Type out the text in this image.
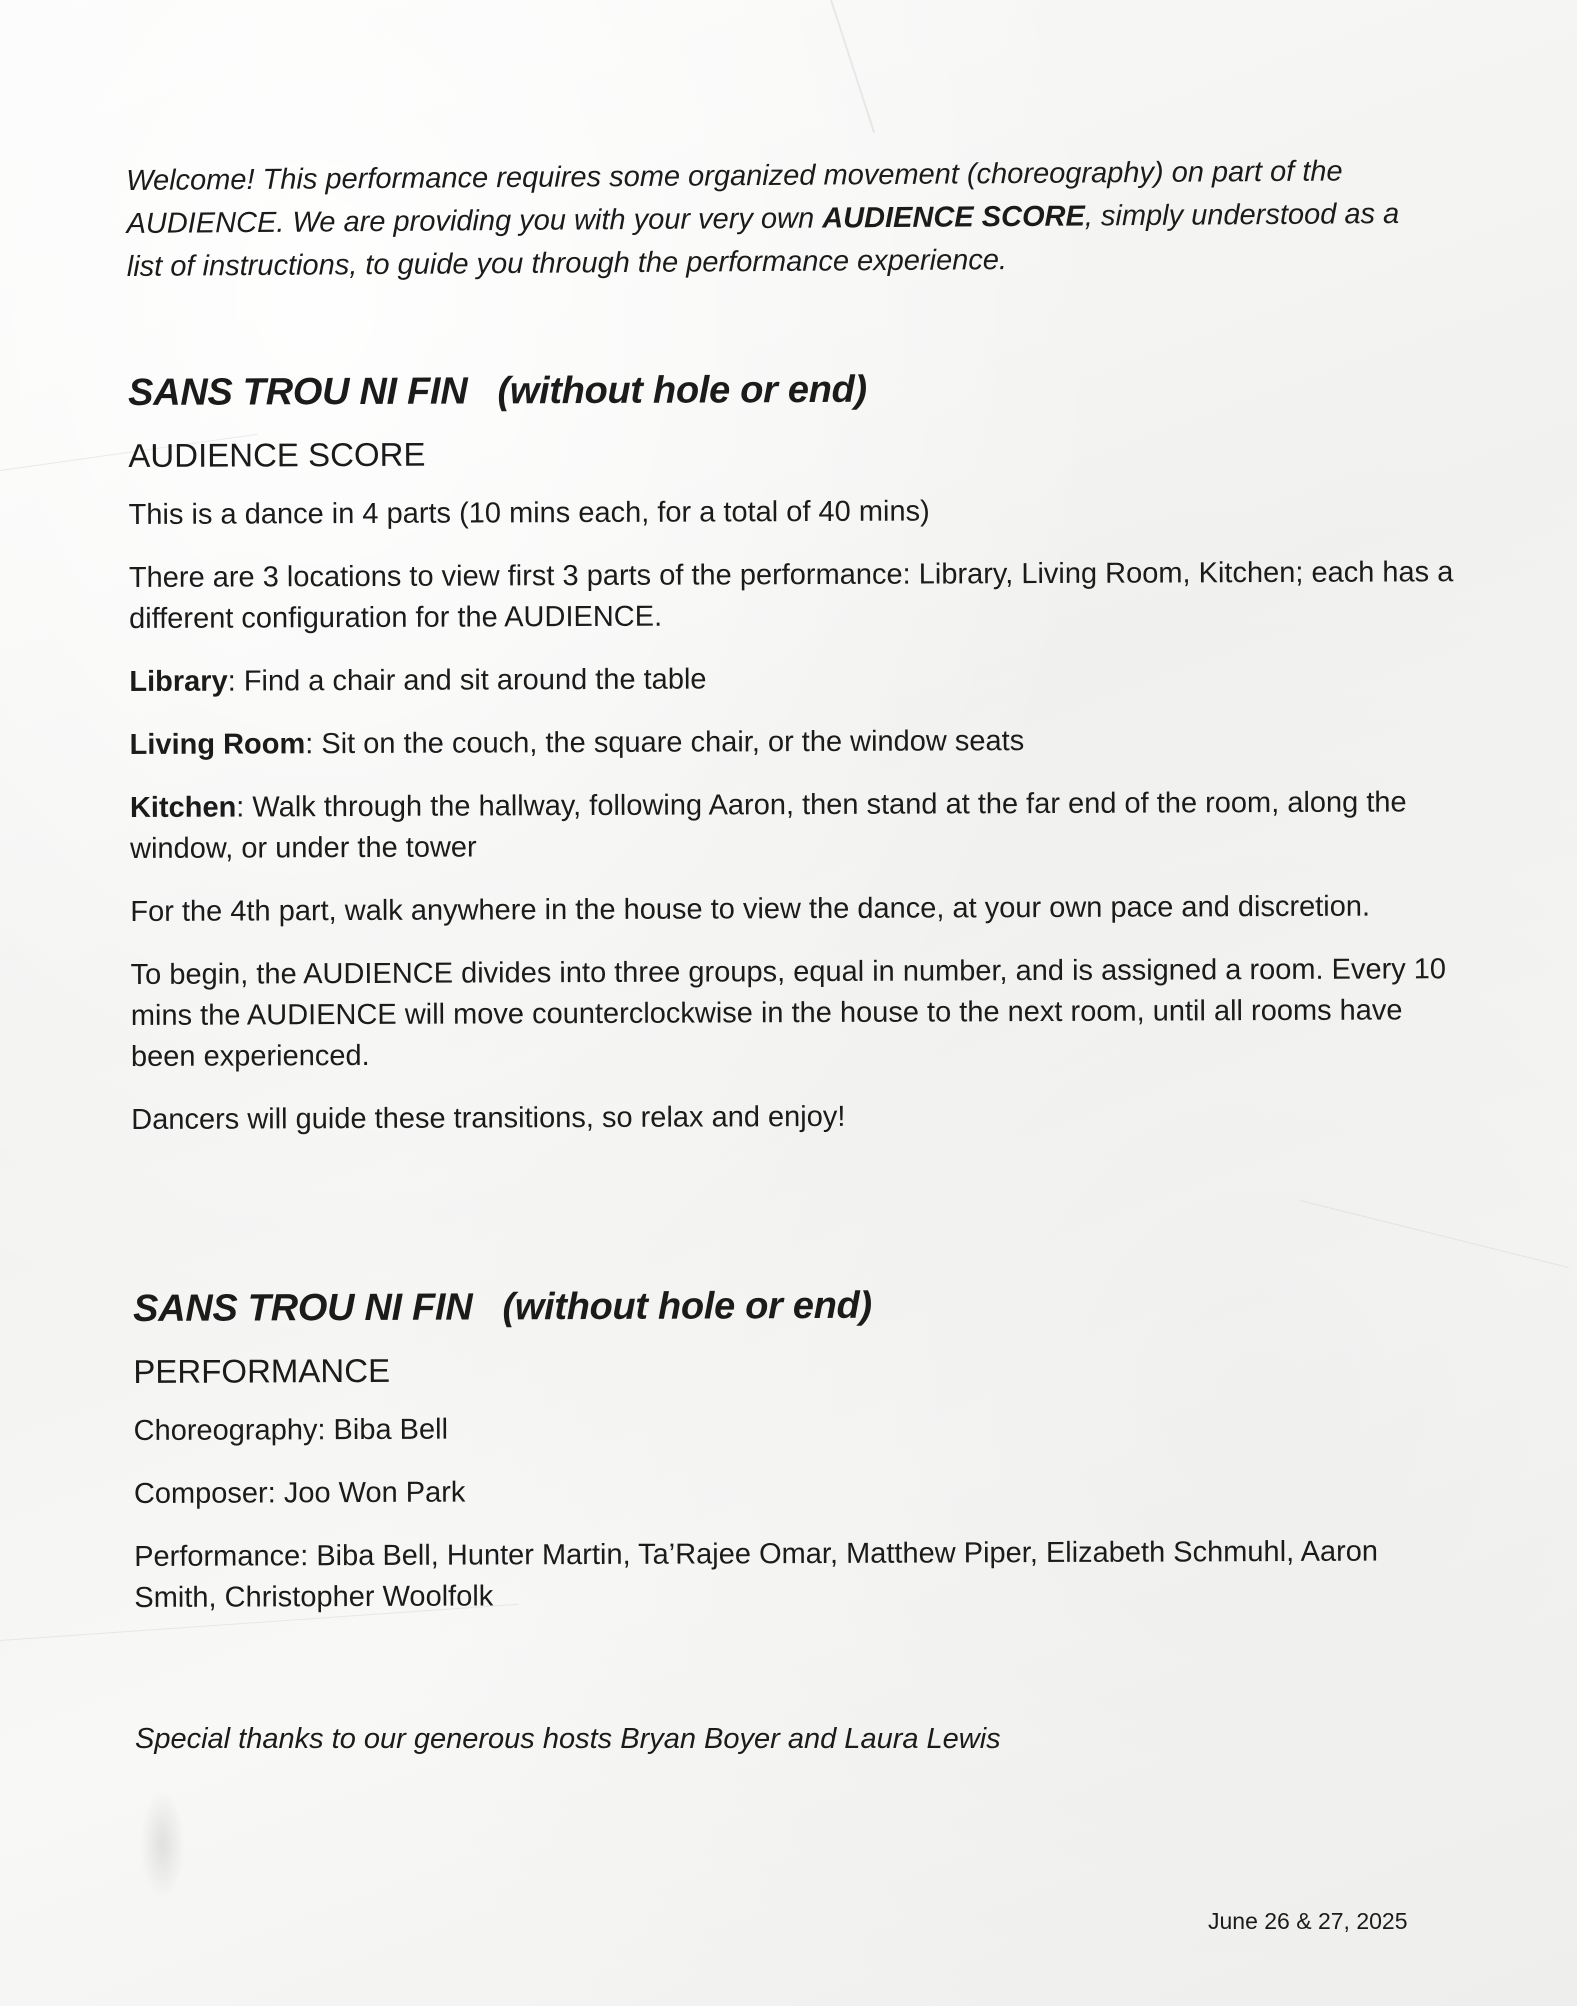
Welcome! This performance requires some organized movement (choreography) on part of the AUDIENCE. We are providing you with your very own AUDIENCE SCORE, simply understood as a list of instructions, to guide you through the performance experience.
SANS TROU NI FIN (without hole or end)
AUDIENCE SCORE
This is a dance in 4 parts (10 mins each, for a total of 40 mins)
There are 3 locations to view first 3 parts of the performance: Library, Living Room, Kitchen; each has a different configuration for the AUDIENCE.
Library: Find a chair and sit around the table
Living Room: Sit on the couch, the square chair, or the window seats
Kitchen: Walk through the hallway, following Aaron, then stand at the far end of the room, along the window, or under the tower
For the 4th part, walk anywhere in the house to view the dance, at your own pace and discretion.
To begin, the AUDIENCE divides into three groups, equal in number, and is assigned a room. Every 10 mins the AUDIENCE will move counterclockwise in the house to the next room, until all rooms have been experienced.
Dancers will guide these transitions, so relax and enjoy!
SANS TROU NI FIN (without hole or end)
PERFORMANCE
Choreography: Biba Bell
Composer: Joo Won Park
Performance: Biba Bell, Hunter Martin, Ta’Rajee Omar, Matthew Piper, Elizabeth Schmuhl, Aaron Smith, Christopher Woolfolk
Special thanks to our generous hosts Bryan Boyer and Laura Lewis
June 26 & 27, 2025
